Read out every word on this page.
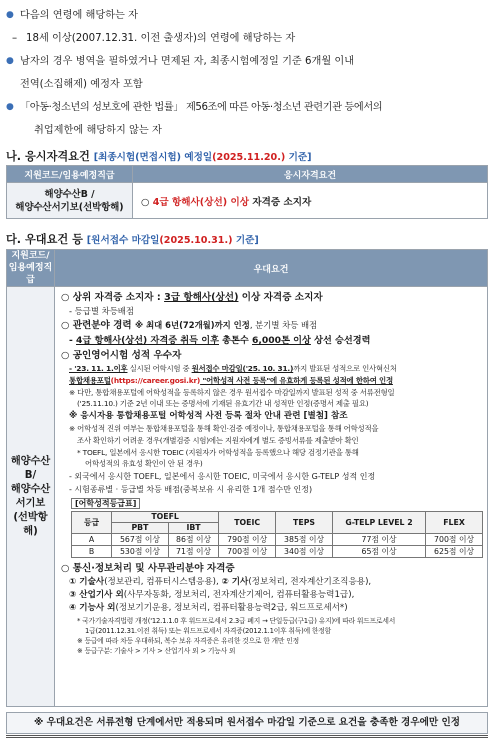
● 다음의 연령에 해당하는 자
– 18세 이상(2007.12.31. 이전 출생자)의 연령에 해당하는 자
● 남자의 경우 병역을 필하였거나 면제된 자, 최종시험예정일 기준 6개월 이내
전역(소집해제) 예정자 포함
● 「아동·청소년의 성보호에 관한 법률」 제56조에 따른 아동·청소년 관련기관 등에서의
취업제한에 해당하지 않는 자
나. 응시자격요건 [최종시험(면접시험) 예정일(2025.11.20.) 기준]
지원코드/임용예정직급	응시자격요건

해양수산B /
해양수산서기보(선박항해)	○ 4급 항해사(상선) 이상 자격증 소지자
다. 우대요건 등 [원서접수 마감일(2025.10.31.) 기준]
지원코드/
임용예정직급
	우대요건

해양수산B/
해양수산
서기보
(선박항해)

○ 상위 자격증 소지자 : 3급 항해사(상선) 이상 자격증 소지자
- 등급별 차등배점
○ 관련분야 경력 ※ 최대 6년(72개월)까지 인정, 분기별 차등 배점
- 4급 항해사(상선) 자격증 취득 이후 총톤수 6,000톤 이상 상선 승선경력
○ 공인영어시험 성적 우수자
- '23. 11. 1.이후 실시된 어학시험 중 원서접수 마감일('25. 10. 31.)까지 발표된 성적으로 인사혁신처
통합채용포털(https://career.gosi.kr) "어학성적 사전 등록"에 유효하게 등록된 성적에 한하여 인정
※ 다만, 통합채용포털에 어학성적을 등록하지 않은 경우 원서접수 마감일까지 발표된 성적 중 서류전형일
('25.11.10.) 기준 2년 이내 또는 증명서에 기재된 유효기간 내 성적만 인정(증명서 제출 필요)
※ 응시자용 통합채용포털 어학성적 사전 등록 절차 안내 관련 [별첨] 참조
※ 어학성적 진위 여부는 통합채용포털을 통해 확인·검증 예정이나, 통합채용포털을 통해 어학성적을
조사 확인하기 어려운 경우(개별검증 시험)에는 지원자에게 별도 증빙서류를 제출받아 확인
* TOEFL, 일본에서 응시한 TOEIC (지원자가 어학성적을 등록했으나 해당 검정기관을 통해
어학성적의 유효성 확인이 안 된 경우)
- 외국에서 응시한 TOEFL, 일본에서 응시한 TOEIC, 미국에서 응시한 G-TELP 성적 인정
- 시험종류별 · 등급별 차등 배점(중복보유 시 유리한 1개 점수만 인정)
[어학성적등급표]
등급	TOEFL	TOEIC	TEPS	G-TELP LEVEL 2	FLEX
PBT	IBT
A	567점 이상	86점 이상	790점 이상	385점 이상	77점 이상	700점 이상
B	530점 이상	71점 이상	700점 이상	340점 이상	65점 이상	625점 이상
○ 통신·정보처리 및 사무관리분야 자격증
① 기술사(정보관리, 컴퓨터시스템응용), ② 기사(정보처리, 전자계산기조직응용),
③ 산업기사 외(사무자동화, 정보처리, 전자계산기제어, 컴퓨터활용능력1급),
④ 기능사 외(정보기기운용, 정보처리, 컴퓨터활용능력2급, 워드프로세서*)
* 국가기술자격법령 개정('12.1.1.0 후 워드프로세서 2.3급 폐지 → 단일등급(구1급) 유지)에 따라 워드프로세서
1급(2011.12.31.이전 취득) 또는 워드프로세서 자격증(2012.1.1이후 취득)에 한정함
※ 등급에 따라 차등 우대하되, 복수 보유 자격증은 유리한 것으로 한 개만 인정
※ 등급구분: 기술사 > 기사 > 산업기사 외 > 기능사 외
※ 우대요건은 서류전형 단계에서만 적용되며 원서접수 마감일 기준으로 요건을 충족한 경우에만 인정
